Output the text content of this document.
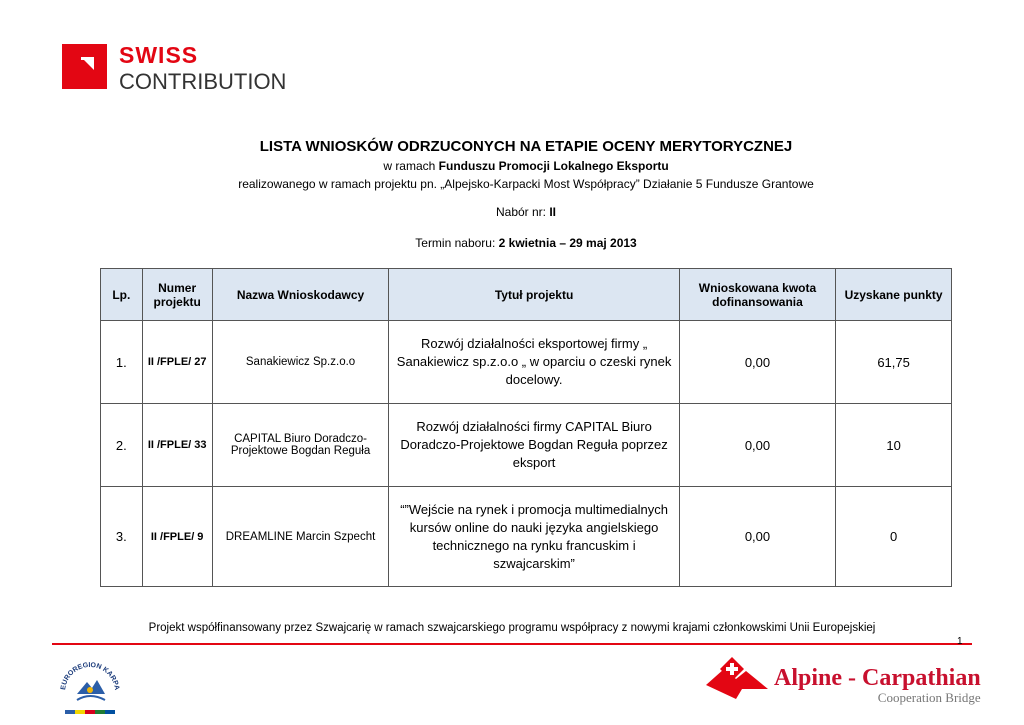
SWISS
CONTRIBUTION

LISTA WNIOSKÓW ODRZUCONYCH NA ETAPIE OCENY MERYTORYCZNEJ

w ramach Funduszu Promocji Lokalnego Eksportu

realizowanego w ramach projektu pn. „Alpejsko-Karpacki Most Współpracy” Działanie 5 Fundusze Grantowe

Nabór nr: II

Termin naboru: 2 kwietnia – 29 maj 2013

Lp.	Numer projektu	Nazwa Wnioskodawcy	Tytuł projektu	Wnioskowana kwota dofinansowania	Uzyskane punkty
1.	II /FPLE/ 27	Sanakiewicz Sp.z.o.o	Rozwój działalności eksportowej firmy „ Sanakiewicz sp.z.o.o „ w oparciu o czeski rynek docelowy.	0,00	61,75
2.	II /FPLE/ 33	CAPITAL Biuro Doradczo-Projektowe Bogdan Reguła	Rozwój działalności firmy CAPITAL Biuro Doradczo-Projektowe Bogdan Reguła poprzez eksport	0,00	10
3.	II /FPLE/ 9	DREAMLINE Marcin Szpecht	“”Wejście na rynek i promocja multimedialnych kursów online do nauki języka angielskiego technicznego na rynku francuskim i szwajcarskim”	0,00	0
Projekt współfinansowany przez Szwajcarię w ramach szwajcarskiego programu współpracy z nowymi krajami członkowskimi Unii Europejskiej
1
EUROREGION KARPA	Alpine - Carpathian
Cooperation Bridge
